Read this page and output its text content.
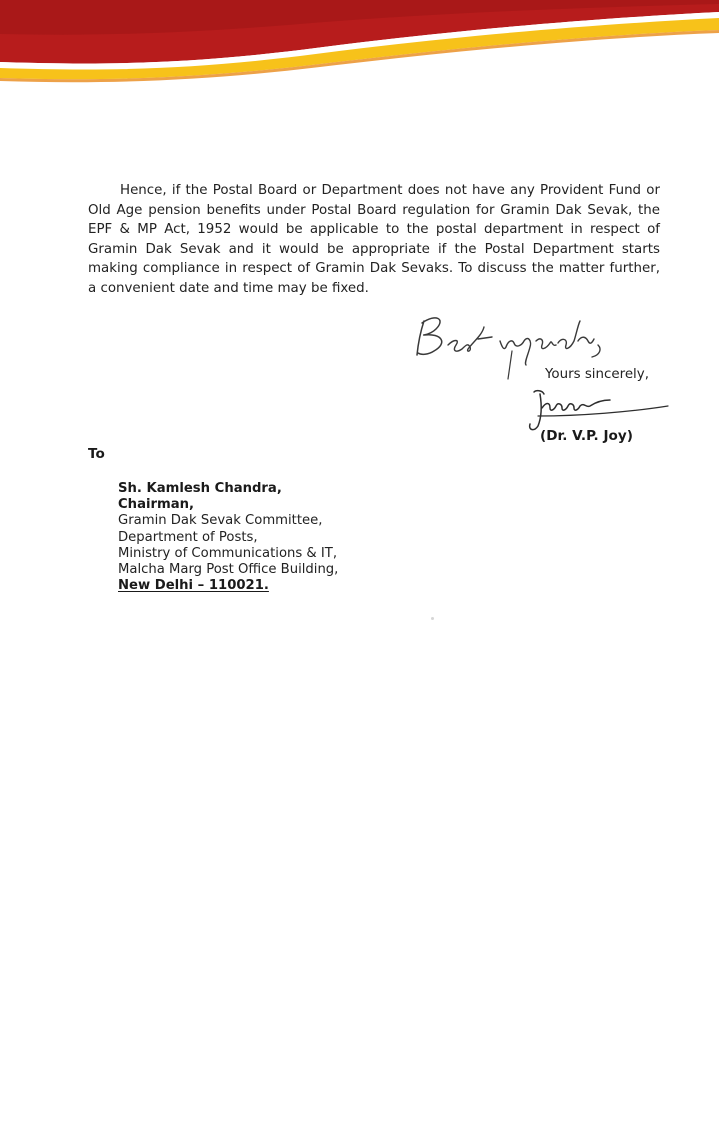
Hence, if the Postal Board or Department does not have any Provident Fund or Old Age pension benefits under Postal Board regulation for Gramin Dak Sevak, the EPF & MP Act, 1952 would be applicable to the postal department in respect of Gramin Dak Sevak and it would be appropriate if the Postal Department starts making compliance in respect of Gramin Dak Sevaks. To discuss the matter further, a convenient date and time may be fixed.

Yours sincerely,
(Dr. V.P. Joy)
To
Sh. Kamlesh Chandra,
Chairman,
Gramin Dak Sevak Committee,
Department of Posts,
Ministry of Communications & IT,
Malcha Marg Post Office Building,
New Delhi – 110021.
